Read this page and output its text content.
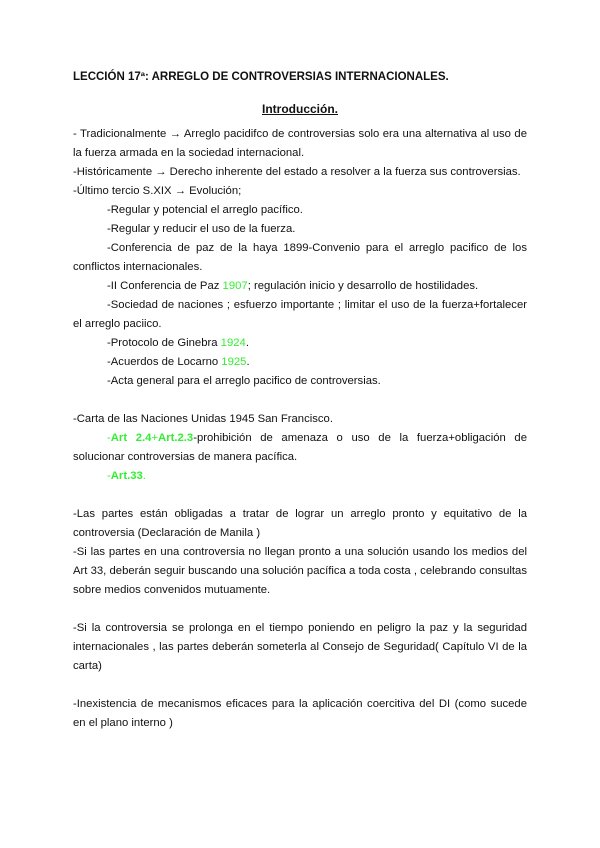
LECCIÓN 17ª: ARREGLO DE CONTROVERSIAS INTERNACIONALES.

Introducción.

- Tradicionalmente → Arreglo pacidifco de controversias solo era una alternativa al uso de la fuerza armada en la sociedad internacional.

-Históricamente → Derecho inherente del estado a resolver a la fuerza sus controversias.

-Último tercio S.XIX → Evolución;

-Regular y potencial el arreglo pacífico.

-Regular y reducir el uso de la fuerza.

-Conferencia de paz de la haya 1899-Convenio para el arreglo pacifico de los conflictos internacionales.

-II Conferencia de Paz 1907; regulación inicio y desarrollo de hostilidades.

-Sociedad de naciones ; esfuerzo importante ; limitar el uso de la fuerza+fortalecer el arreglo paciico.

-Protocolo de Ginebra 1924.

-Acuerdos de Locarno 1925.

-Acta general para el arreglo pacifico de controversias.

-Carta de las Naciones Unidas 1945 San Francisco.

-Art 2.4+Art.2.3-prohibición de amenaza o uso de la fuerza+obligación de solucionar controversias de manera pacífica.

-Art.33.

-Las partes están obligadas a tratar de lograr un arreglo pronto y equitativo de la controversia (Declaración de Manila )

-Si las partes en una controversia no llegan pronto a una solución usando los medios del Art 33, deberán seguir buscando una solución pacífica a toda costa , celebrando consultas sobre medios convenidos mutuamente.

-Si la controversia se prolonga en el tiempo poniendo en peligro la paz y la seguridad internacionales , las partes deberán someterla al Consejo de Seguridad( Capítulo VI de la carta)

-Inexistencia de mecanismos eficaces para la aplicación coercitiva del DI (como sucede en el plano interno )
